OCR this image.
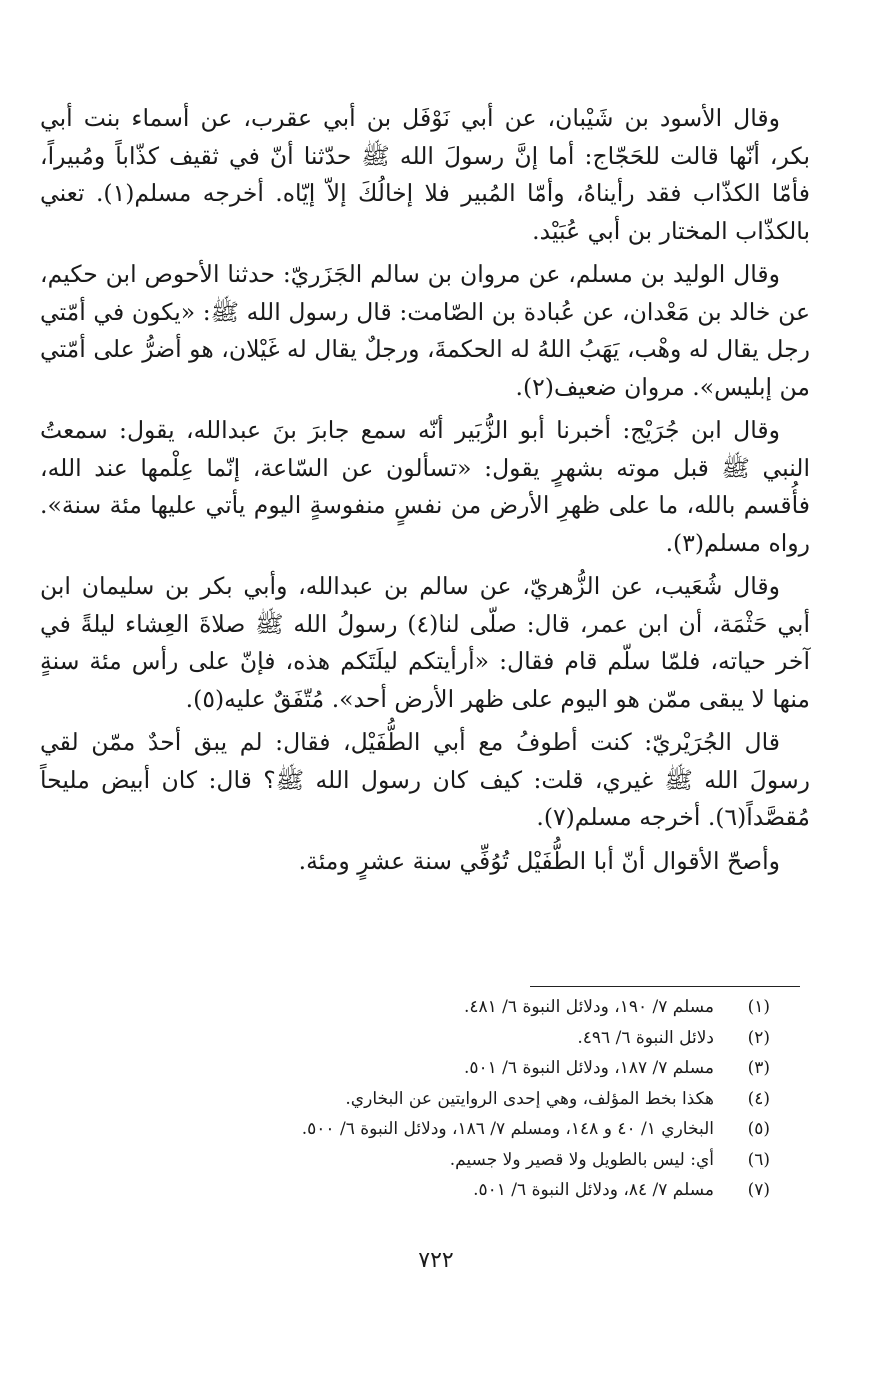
وقال الأسود بن شَيْبان، عن أبي نَوْفَل بن أبي عقرب، عن أسماء بنت أبي بكر، أنّها قالت للحَجّاج: أما إنَّ رسولَ الله ﷺ حدّثنا أنّ في ثقيف كذّاباً ومُبيراً، فأمّا الكذّاب فقد رأيناهُ، وأمّا المُبير فلا إخالُكَ إلاّ إيّاه. أخرجه مسلم(١). تعني بالكذّاب المختار بن أبي عُبَيْد.

وقال الوليد بن مسلم، عن مروان بن سالم الجَزَريّ: حدثنا الأحوص ابن حكيم، عن خالد بن مَعْدان، عن عُبادة بن الصّامت: قال رسول الله ﷺ: «يكون في أمّتي رجل يقال له وهْب، يَهَبُ اللهُ له الحكمةَ، ورجلٌ يقال له غَيْلان، هو أضرُّ على أمّتي من إبليس». مروان ضعيف(٢).

وقال ابن جُرَيْج: أخبرنا أبو الزُّبَير أنّه سمع جابرَ بنَ عبدالله، يقول: سمعتُ النبي ﷺ قبل موته بشهرٍ يقول: «تسألون عن السّاعة، إنّما عِلْمها عند الله، فأُقسم بالله، ما على ظهرِ الأرض من نفسٍ منفوسةٍ اليوم يأتي عليها مئة سنة». رواه مسلم(٣).

وقال شُعَيب، عن الزُّهريّ، عن سالم بن عبدالله، وأبي بكر بن سليمان ابن أبي حَثْمَة، أن ابن عمر، قال: صلّى لنا(٤) رسولُ الله ﷺ صلاةَ العِشاء ليلةً في آخر حياته، فلمّا سلّم قام فقال: «أرأيتكم ليلَتَكم هذه، فإنّ على رأس مئة سنةٍ منها لا يبقى ممّن هو اليوم على ظهر الأرض أحد». مُتّفَقٌ عليه(٥).

قال الجُرَيْريّ: كنت أطوفُ مع أبي الطُّفَيْل، فقال: لم يبق أحدٌ ممّن لقي رسولَ الله ﷺ غيري، قلت: كيف كان رسول الله ﷺ؟ قال: كان أبيض مليحاً مُقصَّداً(٦). أخرجه مسلم(٧).

وأصحّ الأقوال أنّ أبا الطُّفَيْل تُوُفِّي سنة عشرٍ ومئة.

(١)
مسلم ٧/ ١٩٠، ودلائل النبوة ٦/ ٤٨١.
(٢)
دلائل النبوة ٦/ ٤٩٦.
(٣)
مسلم ٧/ ١٨٧، ودلائل النبوة ٦/ ٥٠١.
(٤)
هكذا بخط المؤلف، وهي إحدى الروايتين عن البخاري.
(٥)
البخاري ١/ ٤٠ و ١٤٨، ومسلم ٧/ ١٨٦، ودلائل النبوة ٦/ ٥٠٠.
(٦)
أي: ليس بالطويل ولا قصير ولا جسيم.
(٧)
مسلم ٧/ ٨٤، ودلائل النبوة ٦/ ٥٠١.
٧٢٢
